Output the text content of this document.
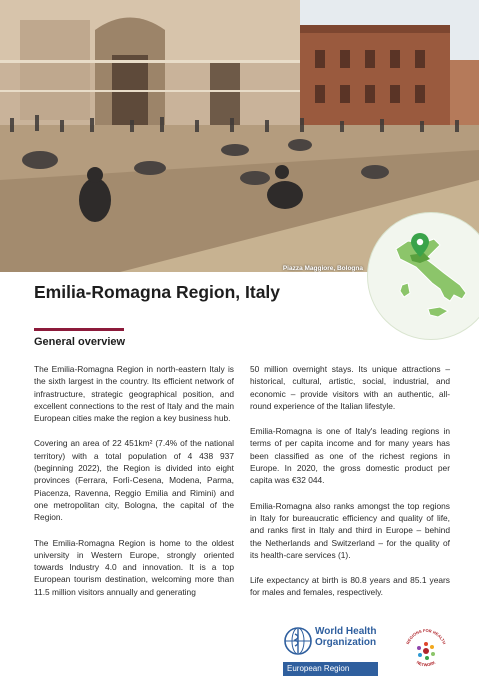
Piazza Maggiore, Bologna
Emilia-Romagna Region, Italy
General overview

The Emilia-Romagna Region in north-eastern Italy is the sixth largest in the country. Its efficient network of infrastructure, strategic geographical position, and excellent connections to the rest of Italy and the main European cities make the region a key business hub.

Covering an area of 22 451km² (7.4% of the national territory) with a total population of 4 438 937 (beginning 2022), the Region is divided into eight provinces (Ferrara, Forlì-Cesena, Modena, Parma, Piacenza, Ravenna, Reggio Emilia and Rimini) and one metropolitan city, Bologna, the capital of the Region.

The Emilia-Romagna Region is home to the oldest university in Western Europe, strongly oriented towards Industry 4.0 and innovation. It is a top European tourism destination, welcoming more than 11.5 million visitors annually and generating

50 million overnight stays. Its unique attractions – historical, cultural, artistic, social, industrial, and economic – provide visitors with an authentic, all-round experience of the Italian lifestyle.

Emilia-Romagna is one of Italy's leading regions in terms of per capita income and for many years has been classified as one of the richest regions in Europe. In 2020, the gross domestic product per capita was €32 044.

Emilia-Romagna also ranks amongst the top regions in Italy for bureaucratic efficiency and quality of life, and ranks first in Italy and third in Europe – behind the Netherlands and Switzerland – for the quality of its health-care services (1).

Life expectancy at birth is 80.8 years and 85.1 years for males and females, respectively.

World Health
Organization
European Region
REGIONS FOR HEALTH
NETWORK
